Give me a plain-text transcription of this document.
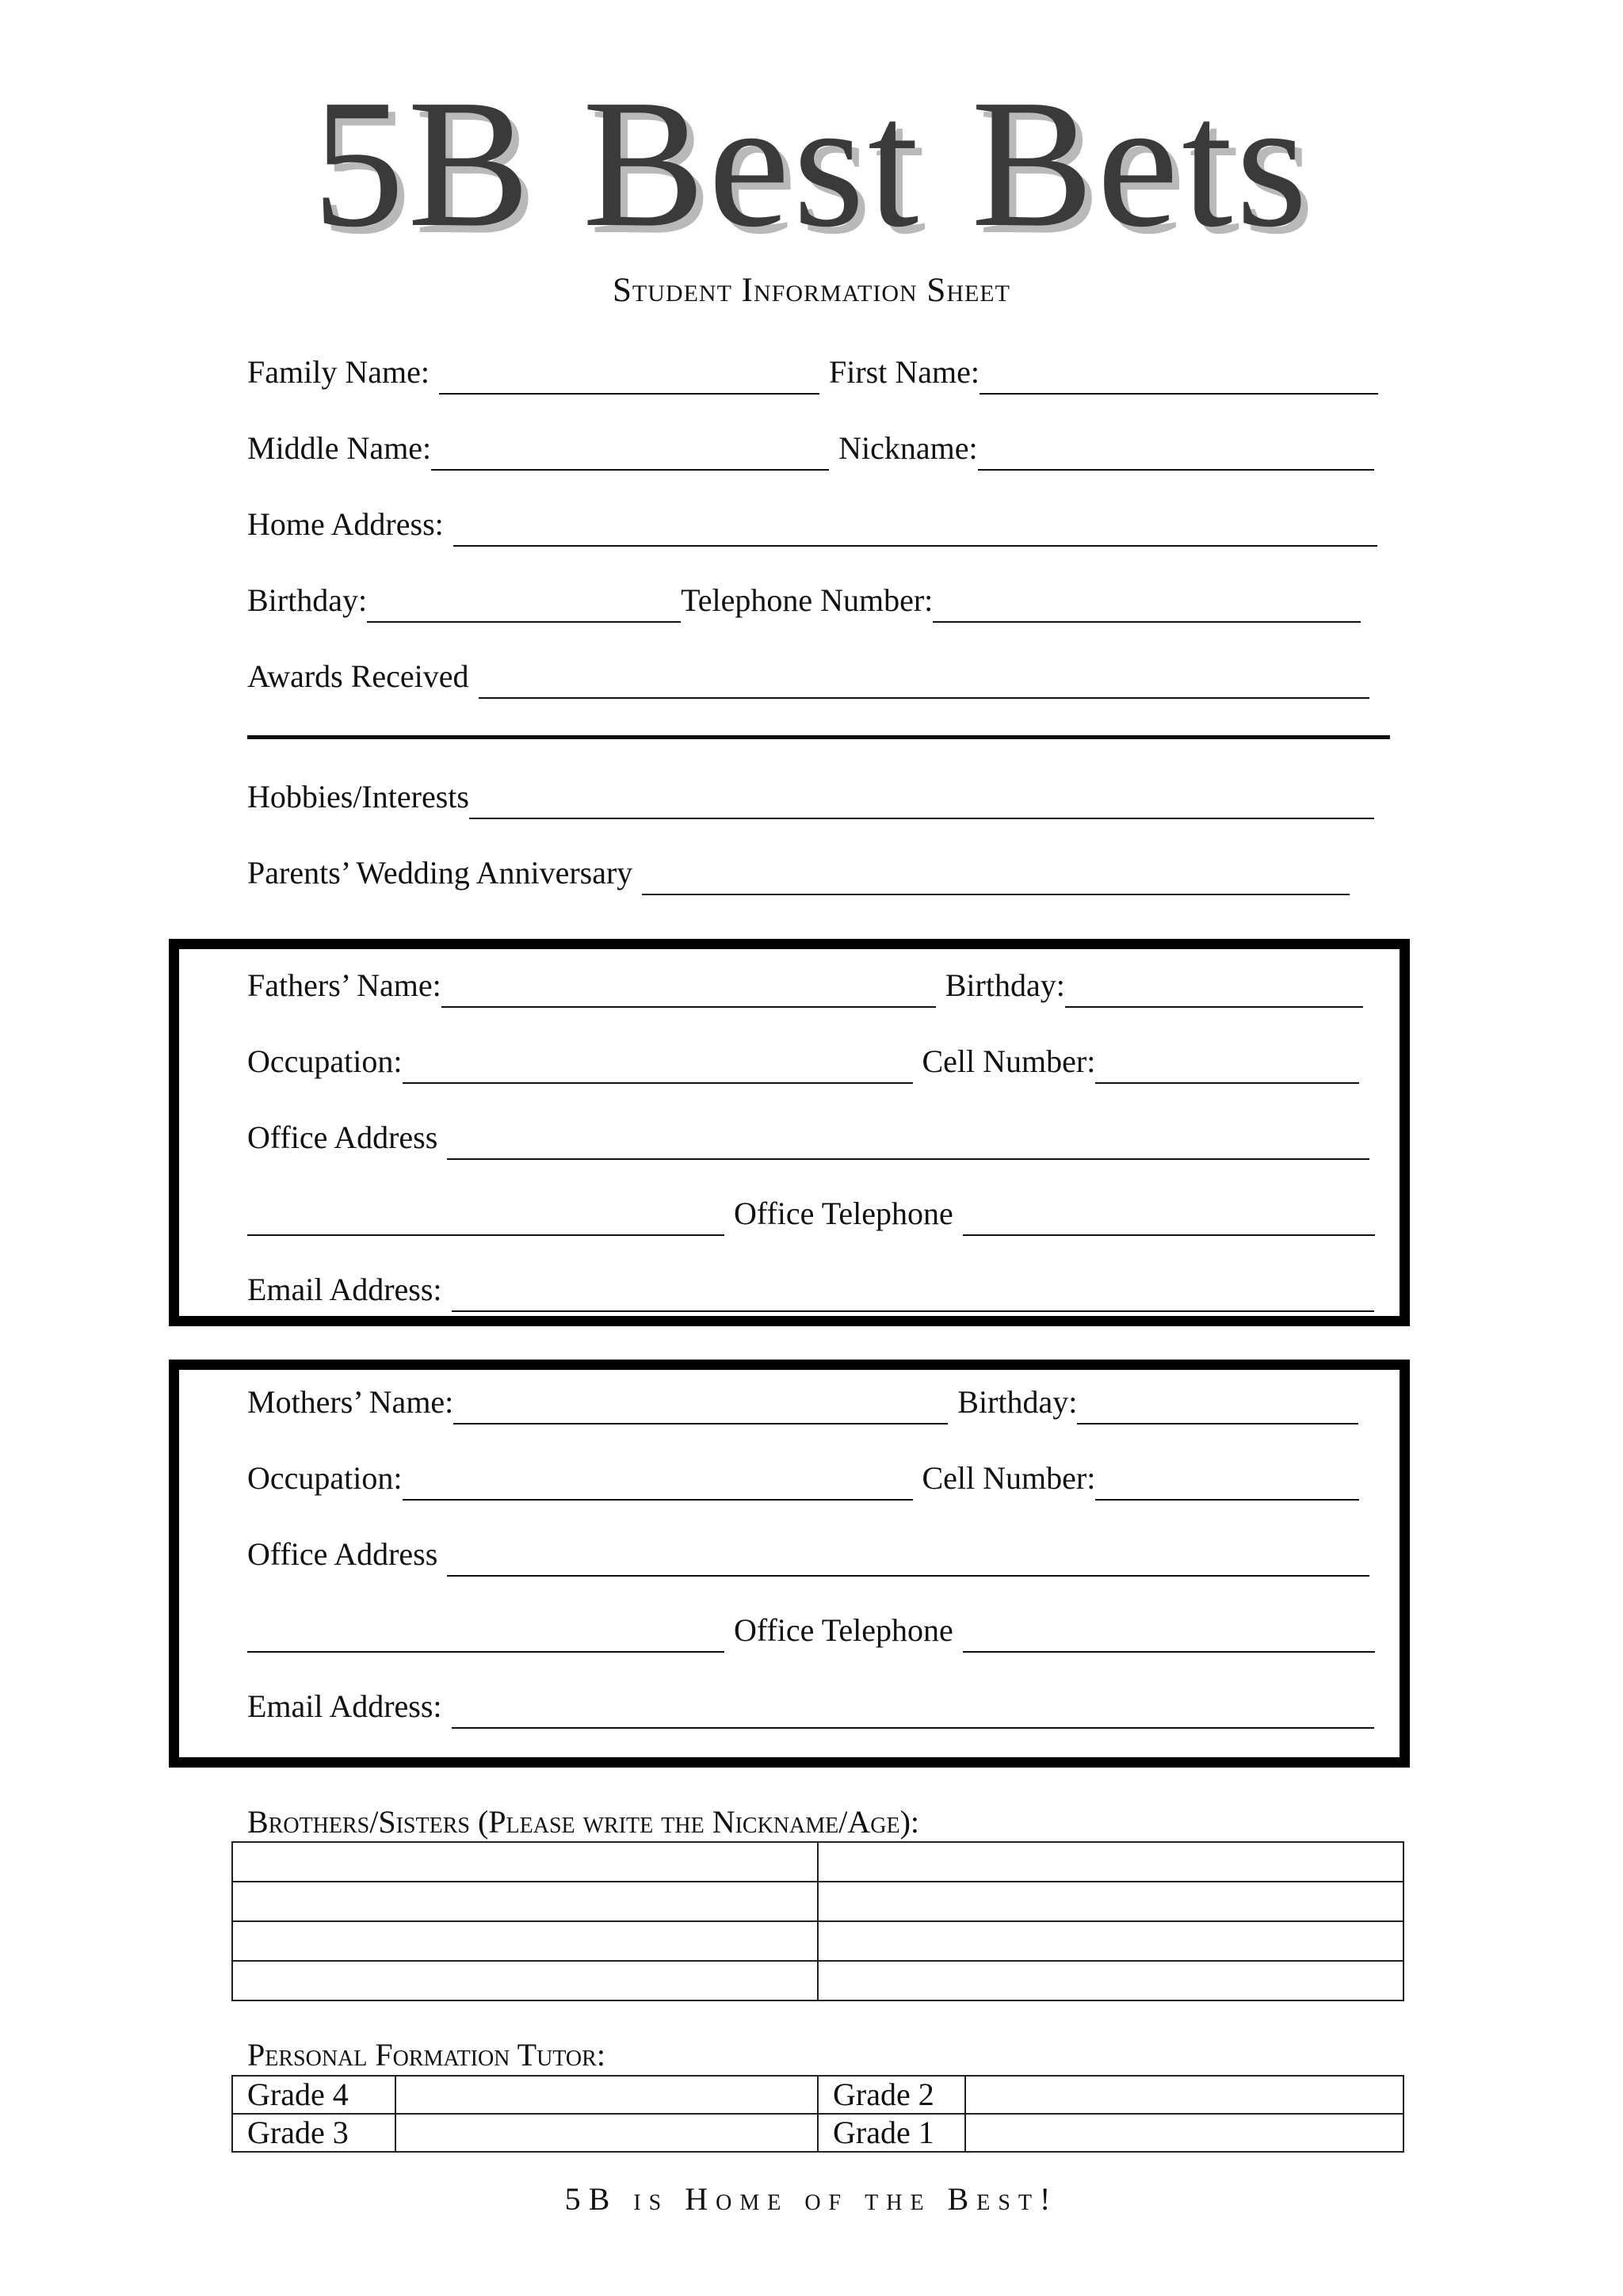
5B Best Bets
Student Information Sheet
Family Name:	First Name:
Middle Name:	Nickname:
Home Address:
Birthday:	Telephone Number:
Awards Received
Hobbies/Interests
Parents’ Wedding Anniversary
Fathers’ Name:	Birthday:
Occupation:	Cell Number:
Office Address
Office Telephone
Email Address:
Mothers’ Name:	Birthday:
Occupation:	Cell Number:
Office Address
Office Telephone
Email Address:
Brothers/Sisters (Please write the Nickname/Age):

Personal Formation Tutor:
Grade 4		Grade 2	
Grade 3		Grade 1	
5B is Home of the Best!
